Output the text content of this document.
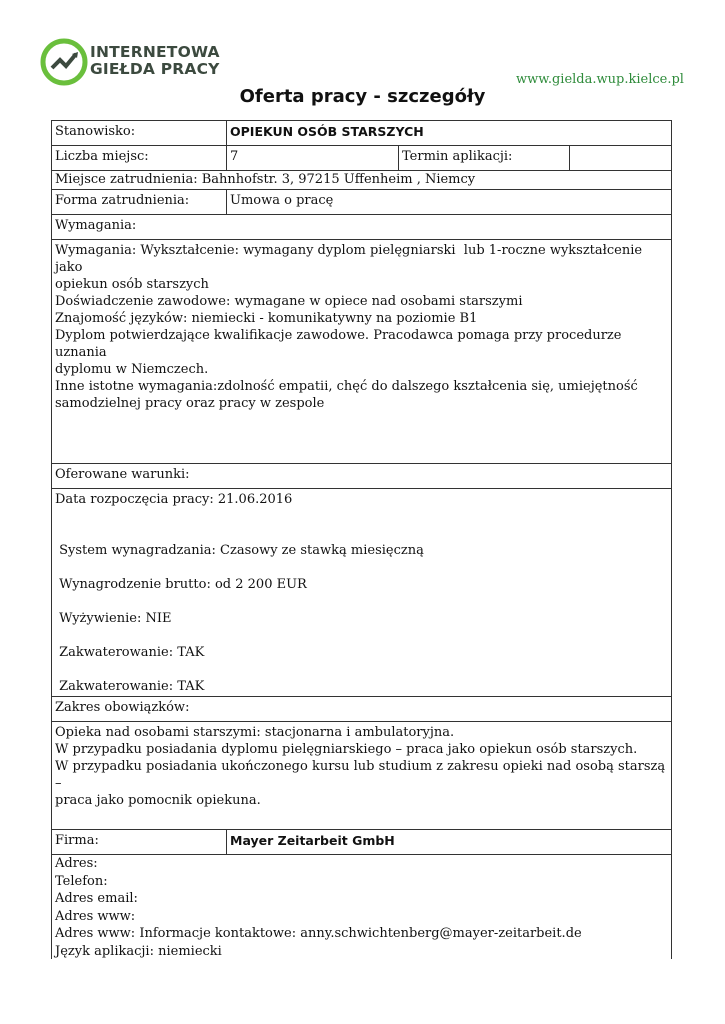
INTERNETOWA
GIEŁDA PRACY
www.gielda.wup.kielce.pl
Oferta pracy - szczegóły
Stanowisko:	OPIEKUN OSÓB STARSZYCH
Liczba miejsc:	7	Termin aplikacji:
Miejsce zatrudnienia: Bahnhofstr. 3, 97215 Uffenheim , Niemcy
Forma zatrudnienia:	Umowa o pracę
Wymagania:
Wymagania: Wykształcenie: wymagany dyplom pielęgniarski  lub 1-roczne wykształcenie jako
opiekun osób starszych
Doświadczenie zawodowe: wymagane w opiece nad osobami starszymi
Znajomość języków: niemiecki - komunikatywny na poziomie B1
Dyplom potwierdzające kwalifikacje zawodowe. Pracodawca pomaga przy procedurze uznania
dyplomu w Niemczech.
Inne istotne wymagania:zdolność empatii, chęć do dalszego kształcenia się, umiejętność
samodzielnej pracy oraz pracy w zespole
Oferowane warunki:
Data rozpoczęcia pracy: 21.06.2016
System wynagradzania: Czasowy ze stawką miesięczną
Wynagrodzenie brutto: od 2 200 EUR
Wyżywienie: NIE
Zakwaterowanie: TAK
Zakwaterowanie: TAK
Zakres obowiązków:
Opieka nad osobami starszymi: stacjonarna i ambulatoryjna.
W przypadku posiadania dyplomu pielęgniarskiego – praca jako opiekun osób starszych.
W przypadku posiadania ukończonego kursu lub studium z zakresu opieki nad osobą starszą –
praca jako pomocnik opiekuna.
Firma:	Mayer Zeitarbeit GmbH
Adres:
Telefon:
Adres email:
Adres www:
Adres www: Informacje kontaktowe: anny.schwichtenberg@mayer-zeitarbeit.de
Język aplikacji: niemiecki
